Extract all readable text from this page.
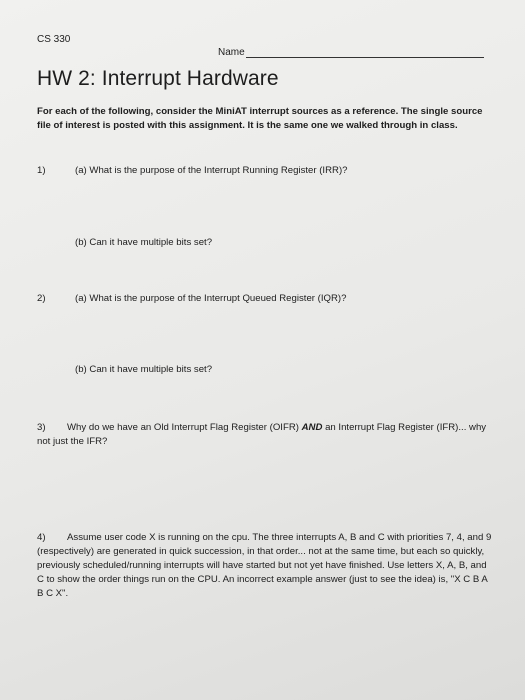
CS 330
Name
HW 2: Interrupt Hardware
For each of the following, consider the MiniAT interrupt sources as a reference. The single source file of interest is posted with this assignment. It is the same one we walked through in class.
1)	(a) What is the purpose of the Interrupt Running Register (IRR)?
(b) Can it have multiple bits set?
2)	(a) What is the purpose of the Interrupt Queued Register (IQR)?
(b) Can it have multiple bits set?
3) Why do we have an Old Interrupt Flag Register (OIFR) AND an Interrupt Flag Register (IFR)... why not just the IFR?
4) Assume user code X is running on the cpu. The three interrupts A, B and C with priorities 7, 4, and 9 (respectively) are generated in quick succession, in that order... not at the same time, but each so quickly, previously scheduled/running interrupts will have started but not yet have finished. Use letters X, A, B, and C to show the order things run on the CPU. An incorrect example answer (just to see the idea) is, "X C B A B C X".
